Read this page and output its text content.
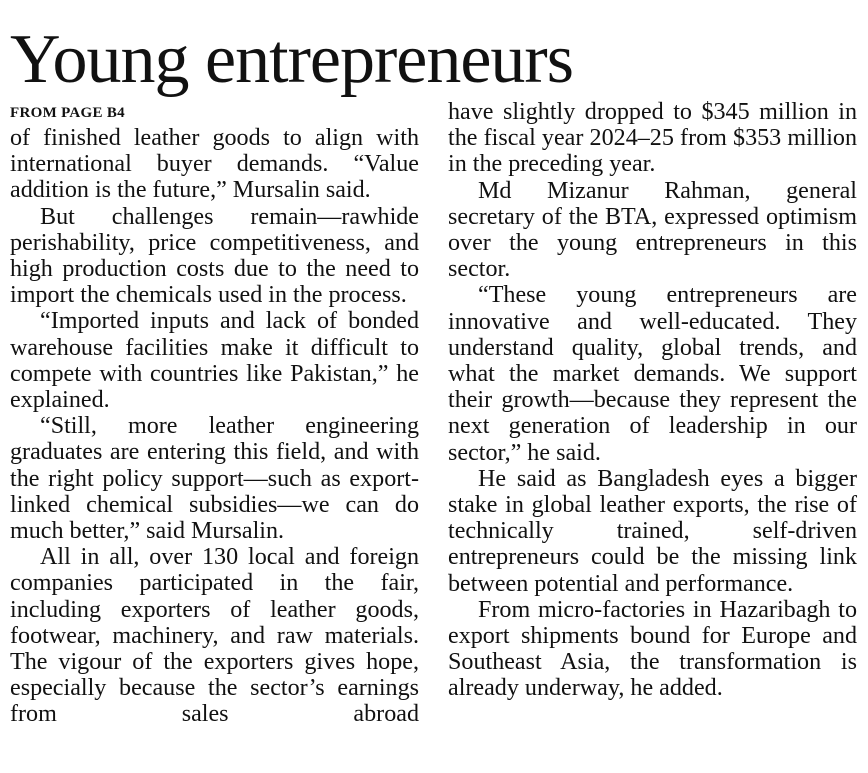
Young entrepreneurs
FROM PAGE B4

of finished leather goods to align with international buyer demands. “Value addition is the future,” Mursalin said.

But challenges remain—rawhide perishability, price competitiveness, and high production costs due to the need to import the chemicals used in the process.

“Imported inputs and lack of bonded warehouse facilities make it difficult to compete with countries like Pakistan,” he explained.

“Still, more leather engineering graduates are entering this field, and with the right policy support—such as export-linked chemical subsidies—we can do much better,” said Mursalin.

All in all, over 130 local and foreign companies participated in the fair, including exporters of leather goods, footwear, machinery, and raw materials. The vigour of the exporters gives hope, especially because the sector’s earnings from sales abroad

have slightly dropped to $345 million in the fiscal year 2024–25 from $353 million in the preceding year.

Md Mizanur Rahman, general secretary of the BTA, expressed optimism over the young entrepreneurs in this sector.

“These young entrepreneurs are innovative and well-educated. They understand quality, global trends, and what the market demands. We support their growth—because they represent the next generation of leadership in our sector,” he said.

He said as Bangladesh eyes a bigger stake in global leather exports, the rise of technically trained, self-driven entrepreneurs could be the missing link between potential and performance.

From micro-factories in Hazaribagh to export shipments bound for Europe and Southeast Asia, the transformation is already underway, he added.
